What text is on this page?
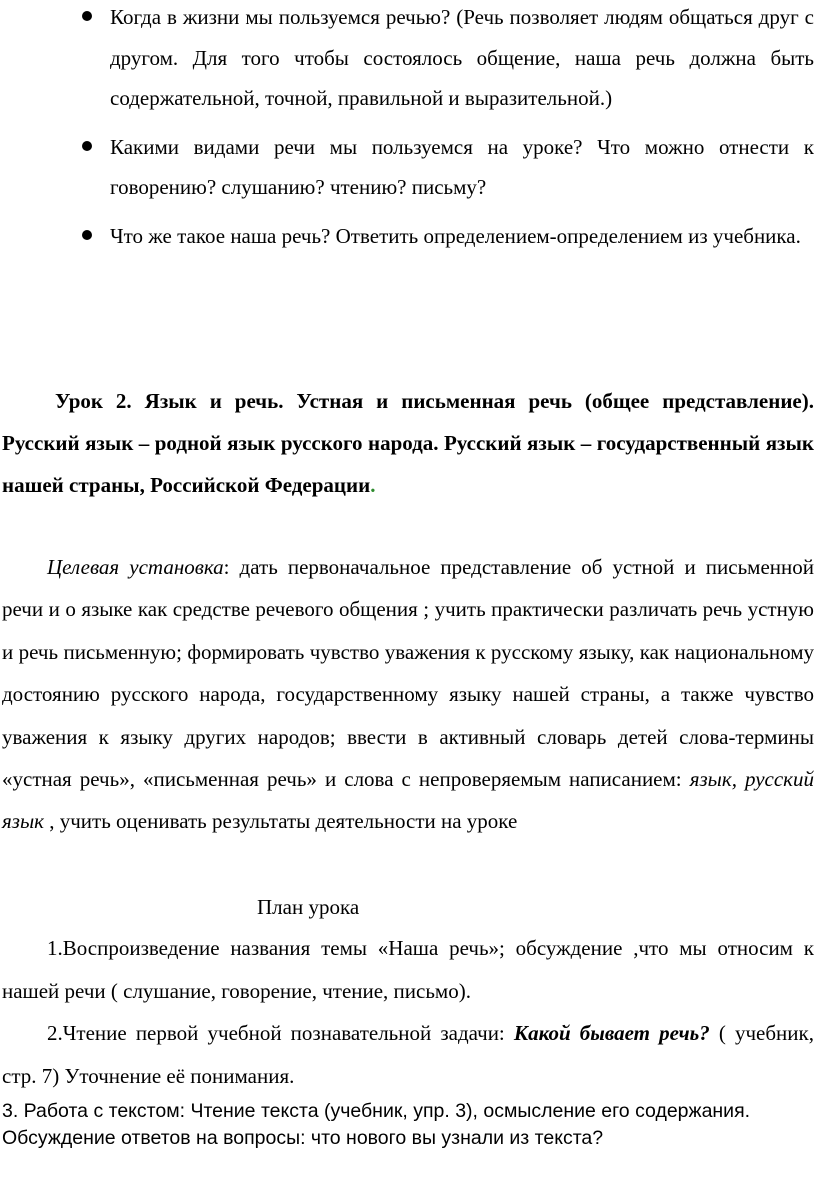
Когда в жизни мы пользуемся речью? (Речь позволяет людям общаться друг с другом. Для того чтобы состоялось общение, наша речь должна быть содержательной, точной, правильной и выразительной.)
Какими видами речи мы пользуемся на уроке? Что можно отнести к говорению? слушанию? чтению? письму?
Что же такое наша речь? Ответить определением-определением из учебника.

Урок 2. Язык и речь. Устная и письменная речь (общее представление). Русский язык – родной язык русского народа. Русский язык – государственный язык нашей страны, Российской Федерации.

Целевая установка: дать первоначальное представление об устной и письменной речи и о языке как средстве речевого общения ; учить практически различать речь устную и речь письменную; формировать чувство уважения к русскому языку, как национальному достоянию русского народа, государственному языку нашей страны, а также чувство уважения к языку других народов; ввести в активный словарь детей слова-термины «устная речь», «письменная речь» и слова с непроверяемым написанием: язык, русский язык , учить оценивать результаты деятельности на уроке

План урока

1.Воспроизведение названия темы «Наша речь»; обсуждение ,что мы относим к нашей речи ( слушание, говорение, чтение, письмо).

2.Чтение первой учебной познавательной задачи: Какой бывает речь? ( учебник, стр. 7) Уточнение её понимания.

3. Работа с текстом: Чтение текста (учебник, упр. 3), осмысление его содержания. Обсуждение ответов на вопросы: что нового вы узнали из текста?
